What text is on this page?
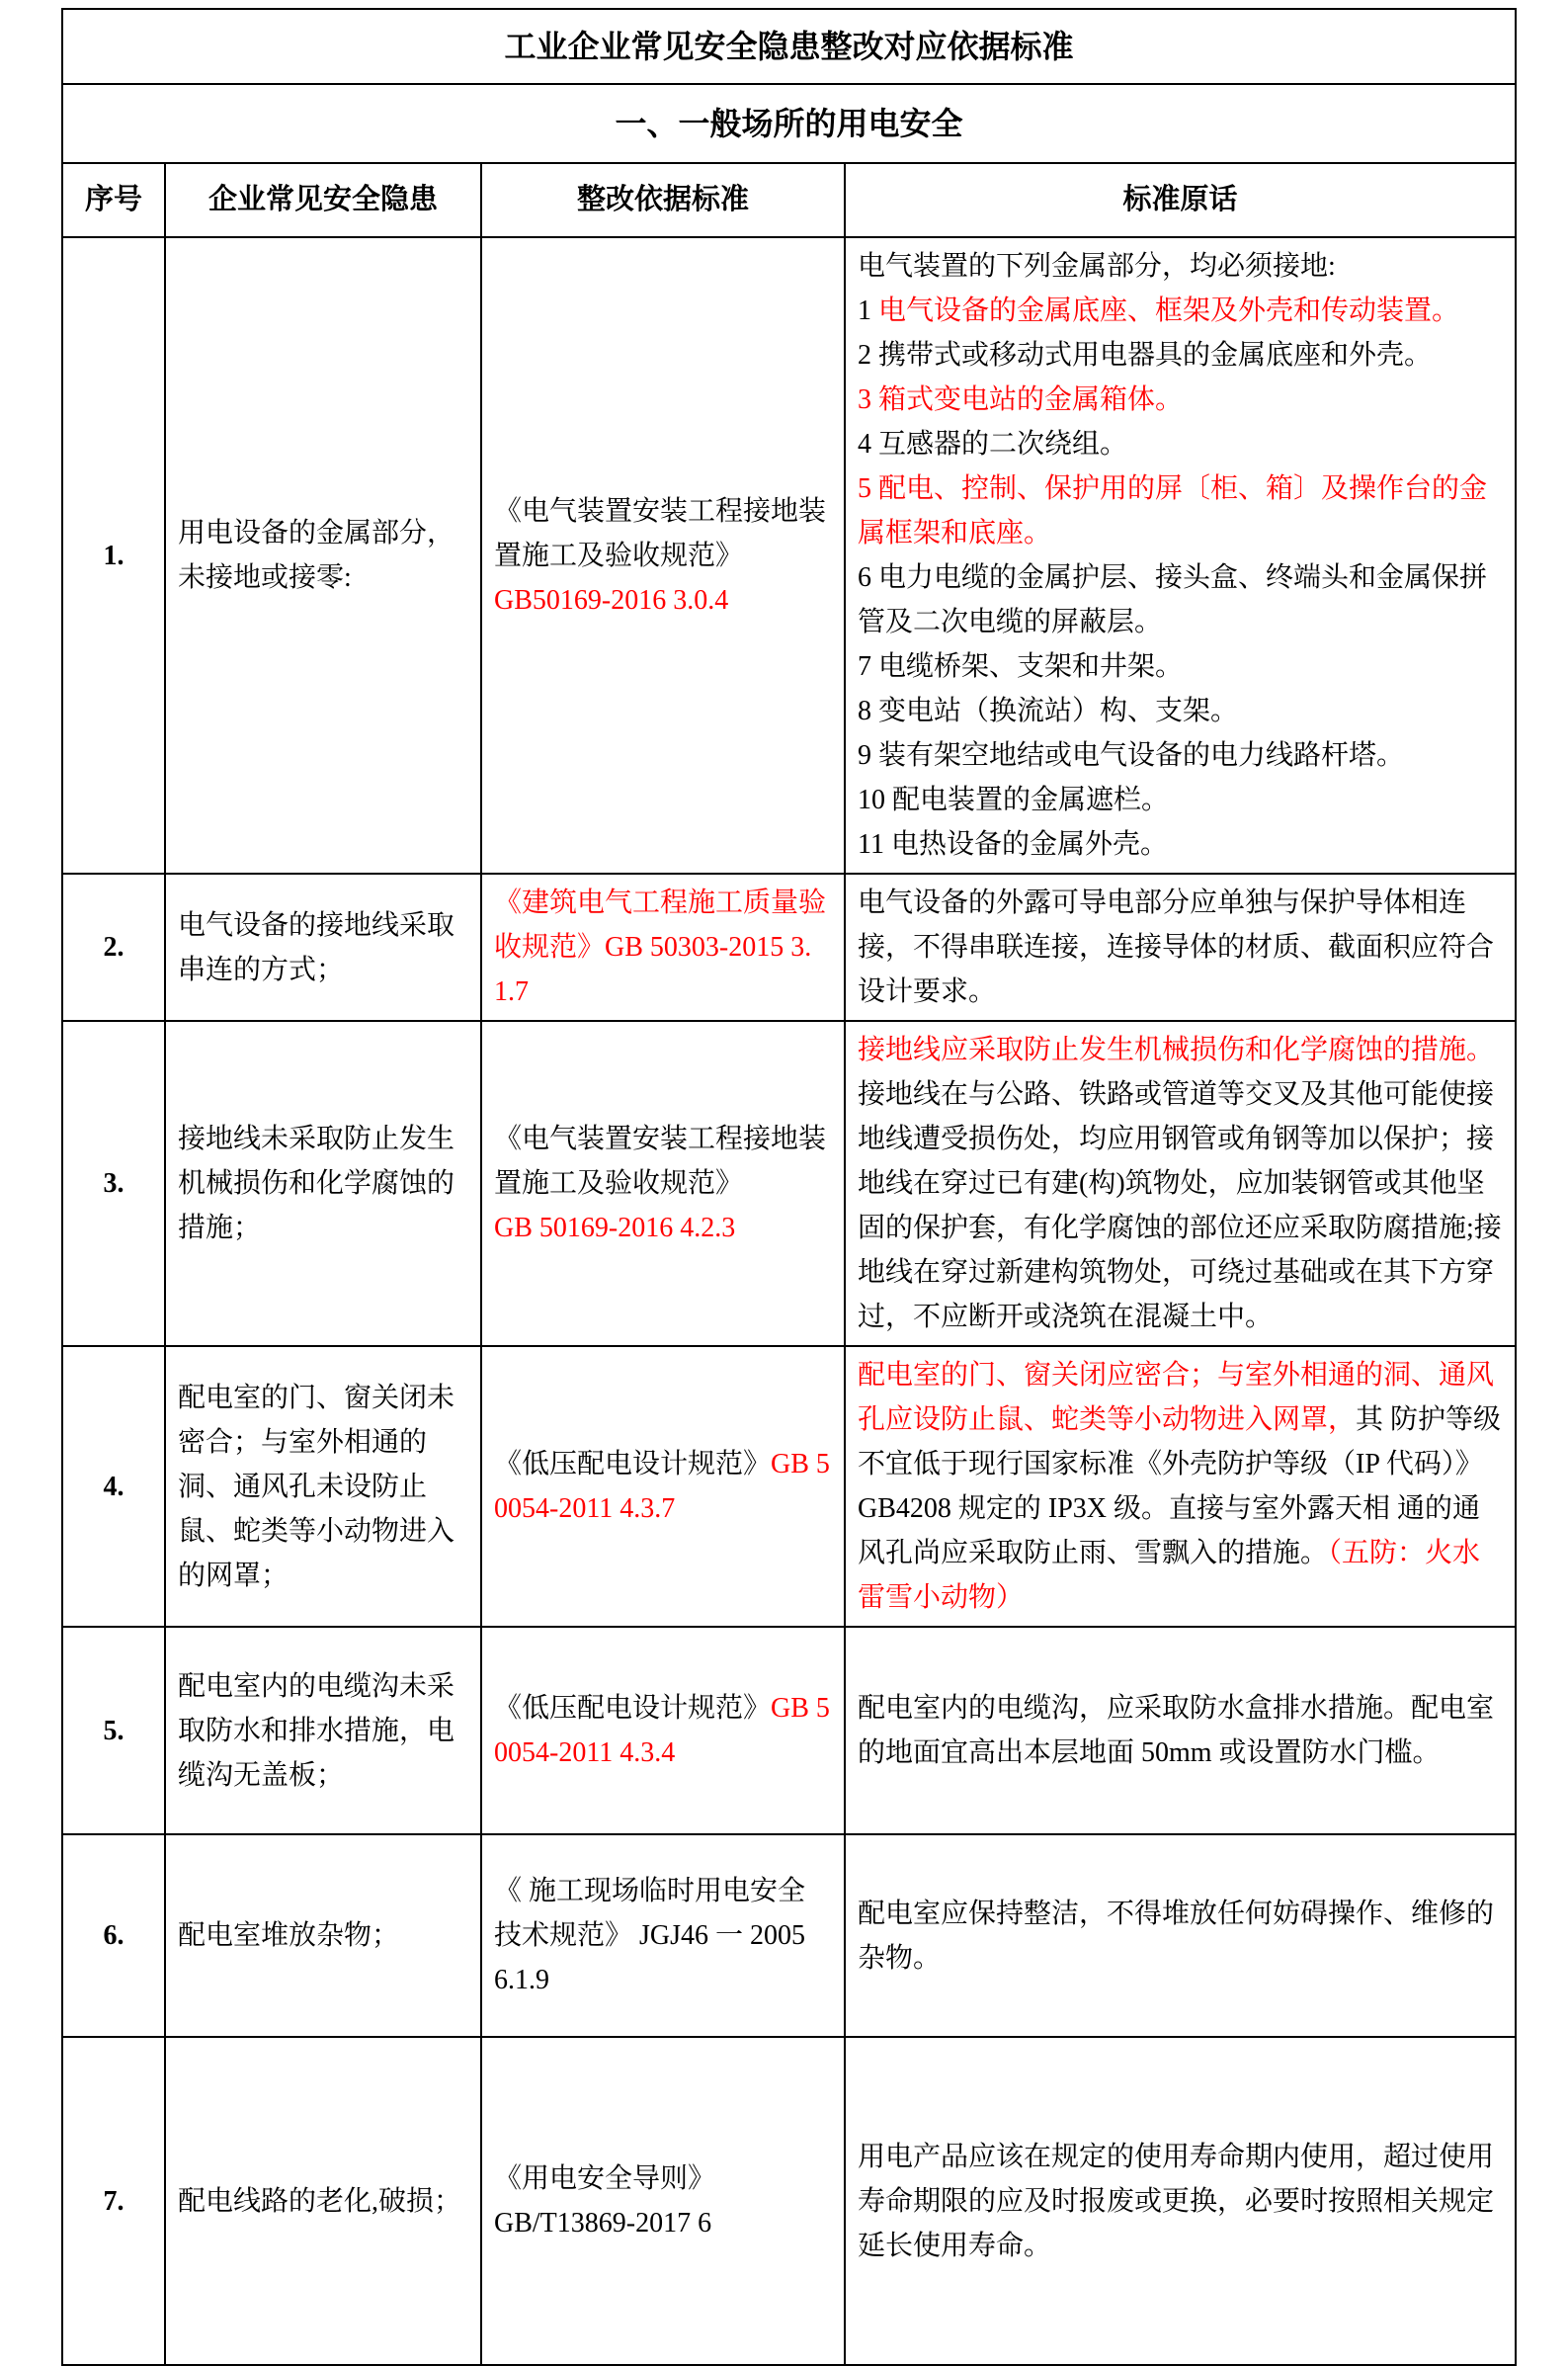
工业企业常见安全隐患整改对应依据标准			
一、一般场所的用电安全			
序号	企业常见安全隐患	整改依据标准	标准原话
1.	用电设备的金属部分，未接地或接零:	《电气装置安装工程接地装置施工及验收规范》
GB50169-2016 3.0.4	电气装置的下列金属部分，均必须接地:
1 电气设备的金属底座、框架及外壳和传动装置。
2 携带式或移动式用电器具的金属底座和外壳。
3 箱式变电站的金属箱体。
4 互感器的二次绕组。
5 配电、控制、保护用的屏〔柜、箱〕及操作台的金属框架和底座。
6 电力电缆的金属护层、接头盒、终端头和金属保拼管及二次电缆的屏蔽层。
7 电缆桥架、支架和井架。
8 变电站（换流站）构、支架。
9 装有架空地结或电气设备的电力线路杆塔。
10 配电装置的金属遮栏。
11 电热设备的金属外壳。
2.	电气设备的接地线采取串连的方式；	《建筑电气工程施工质量验收规范》GB 50303-2015 3.1.7	电气设备的外露可导电部分应单独与保护导体相连接，不得串联连接，连接导体的材质、截面积应符合设计要求。
3.	接地线未采取防止发生机械损伤和化学腐蚀的措施；	《电气装置安装工程接地装置施工及验收规范》
GB 50169-2016 4.2.3	接地线应采取防止发生机械损伤和化学腐蚀的措施。接地线在与公路、铁路或管道等交叉及其他可能使接地线遭受损伤处，均应用钢管或角钢等加以保护；接地线在穿过已有建(构)筑物处，应加装钢管或其他坚固的保护套，有化学腐蚀的部位还应采取防腐措施;接地线在穿过新建构筑物处，可绕过基础或在其下方穿过，不应断开或浇筑在混凝土中。
4.	配电室的门、窗关闭未密合；与室外相通的洞、通风孔未设防止鼠、蛇类等小动物进入的网罩；	《低压配电设计规范》GB 50054-2011 4.3.7	配电室的门、窗关闭应密合；与室外相通的洞、通风孔应设防止鼠、蛇类等小动物进入网罩，其 防护等级不宜低于现行国家标准《外壳防护等级（IP 代码）》GB4208 规定的 IP3X 级。直接与室外露天相 通的通风孔尚应采取防止雨、雪飘入的措施。（五防：火水雷雪小动物）
5.	配电室内的电缆沟未采取防水和排水措施，电缆沟无盖板；	《低压配电设计规范》GB 50054-2011 4.3.4	配电室内的电缆沟，应采取防水盒排水措施。配电室的地面宜高出本层地面 50mm 或设置防水门槛。
6.	配电室堆放杂物；	《 施工现场临时用电安全技术规范》 JGJ46 一 2005 6.1.9	配电室应保持整洁，不得堆放任何妨碍操作、维修的杂物。
7.	配电线路的老化,破损；	《用电安全导则》
GB/T13869-2017 6	用电产品应该在规定的使用寿命期内使用，超过使用寿命期限的应及时报废或更换，必要时按照相关规定延长使用寿命。
